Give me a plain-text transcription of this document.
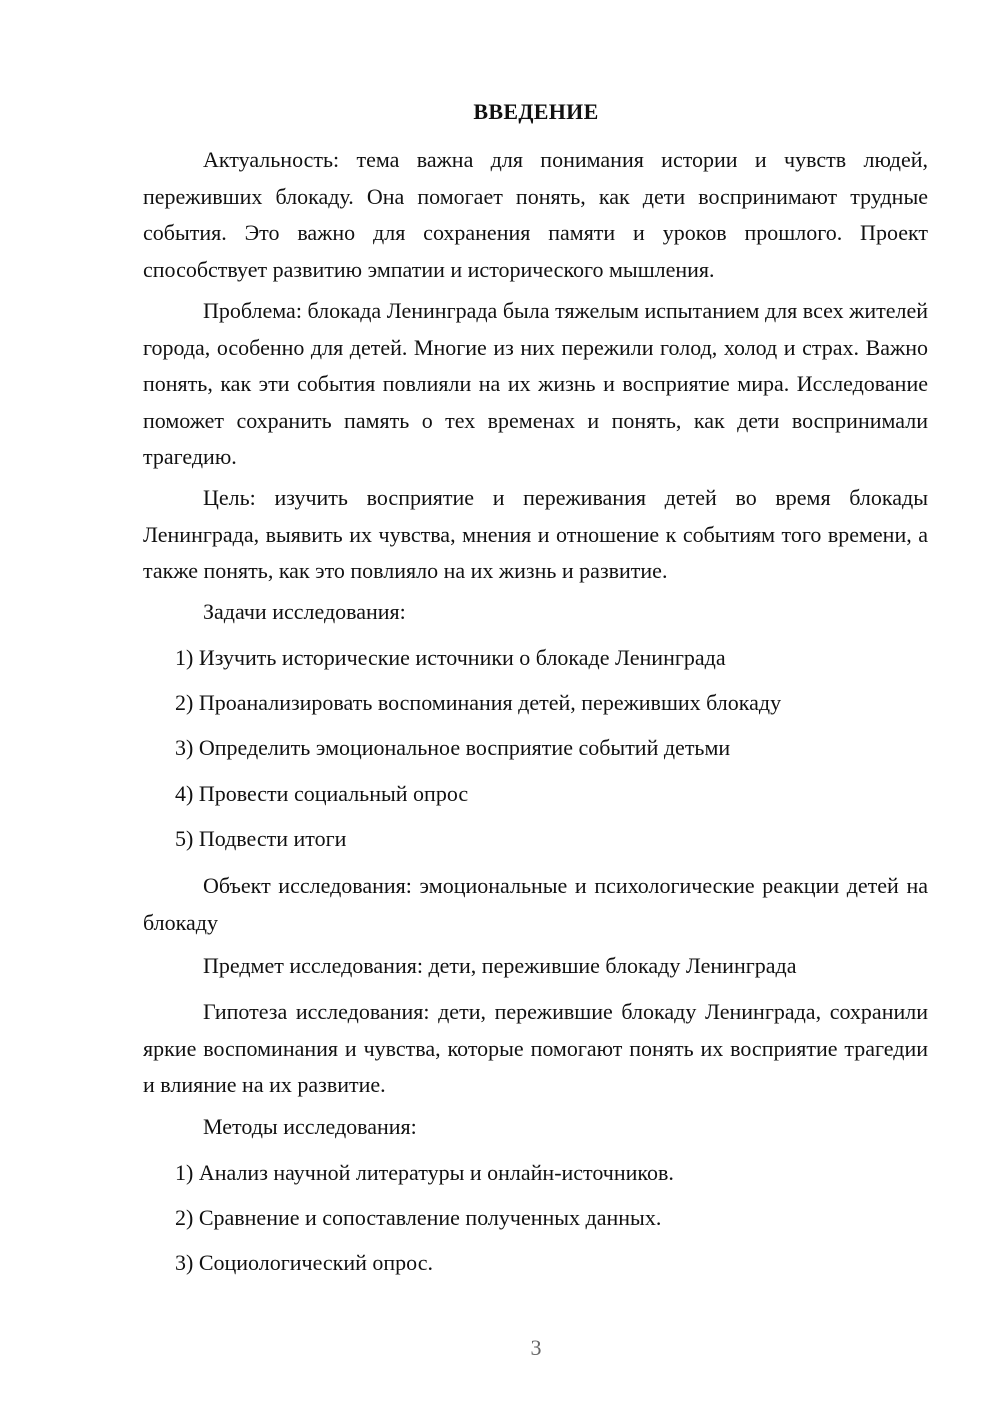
ВВЕДЕНИЕ

Актуальность: тема важна для понимания истории и чувств людей, переживших блокаду. Она помогает понять, как дети воспринимают трудные события. Это важно для сохранения памяти и уроков прошлого. Проект способствует развитию эмпатии и исторического мышления.

Проблема: блокада Ленинграда была тяжелым испытанием для всех жителей города, особенно для детей. Многие из них пережили голод, холод и страх. Важно понять, как эти события повлияли на их жизнь и восприятие мира. Исследование поможет сохранить память о тех временах и понять, как дети воспринимали трагедию.

Цель: изучить восприятие и переживания детей во время блокады Ленинграда, выявить их чувства, мнения и отношение к событиям того времени, а также понять, как это повлияло на их жизнь и развитие.

Задачи исследования:

1) Изучить исторические источники о блокаде Ленинграда

2) Проанализировать воспоминания детей, переживших блокаду

3) Определить эмоциональное восприятие событий детьми

4) Провести социальный опрос

5) Подвести итоги

Объект исследования: эмоциональные и психологические реакции детей на блокаду

Предмет исследования: дети, пережившие блокаду Ленинграда

Гипотеза исследования: дети, пережившие блокаду Ленинграда, сохранили яркие воспоминания и чувства, которые помогают понять их восприятие трагедии и влияние на их развитие.

Методы исследования:

1) Анализ научной литературы и онлайн-источников.

2) Сравнение и сопоставление полученных данных.

3) Социологический опрос.

3
